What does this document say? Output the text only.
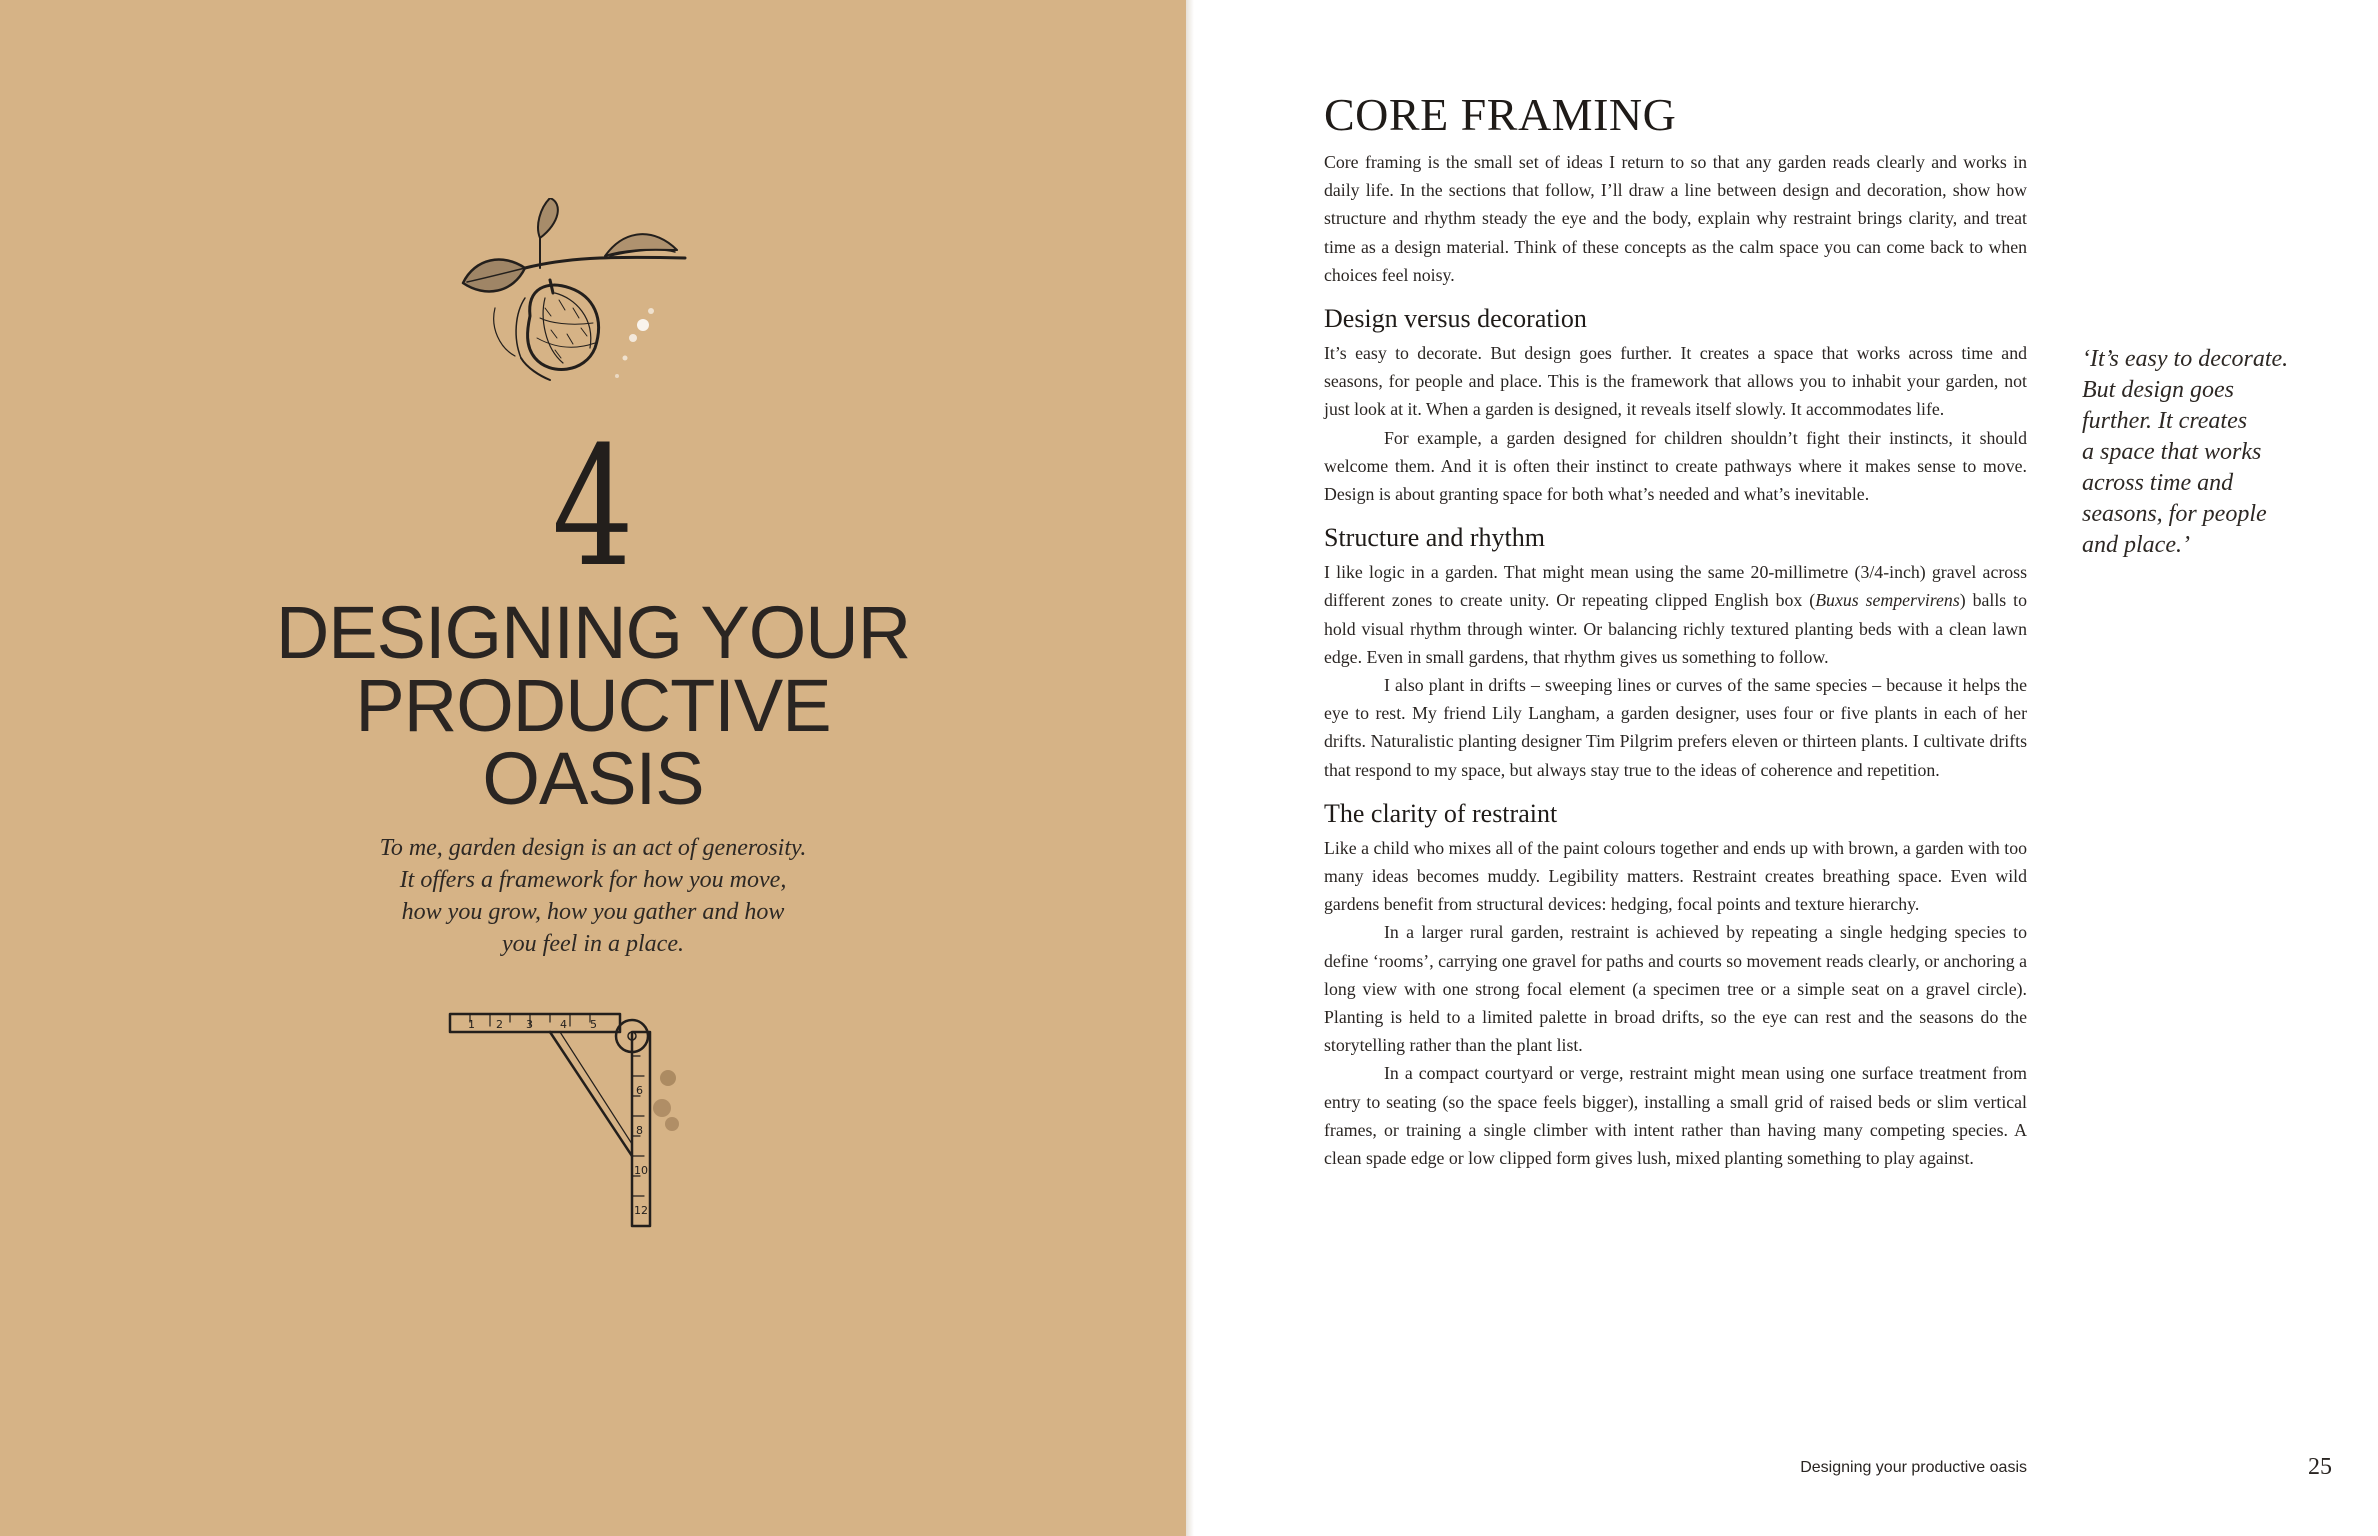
4
DESIGNING YOUR
PRODUCTIVE
OASIS
To me, garden design is an act of generosity.
It offers a framework for how you move,
how you grow, how you gather and how
you feel in a place.
1 2 3 4 5
6
8
10
12
CORE FRAMING

Core framing is the small set of ideas I return to so that any garden reads clearly and works in daily life. In the sections that follow, I’ll draw a line between design and decoration, show how structure and rhythm steady the eye and the body, explain why restraint brings clarity, and treat time as a design material. Think of these concepts as the calm space you can come back to when choices feel noisy.

Design versus decoration

It’s easy to decorate. But design goes further. It creates a space that works across time and seasons, for people and place. This is the framework that allows you to inhabit your garden, not just look at it. When a garden is designed, it reveals itself slowly. It accommodates life.

For example, a garden designed for children shouldn’t fight their instincts, it should welcome them. And it is often their instinct to create pathways where it makes sense to move. Design is about granting space for both what’s needed and what’s inevitable.

Structure and rhythm

I like logic in a garden. That might mean using the same 20-millimetre (3/4-inch) gravel across different zones to create unity. Or repeating clipped English box (Buxus sempervirens) balls to hold visual rhythm through winter. Or balancing richly textured planting beds with a clean lawn edge. Even in small gardens, that rhythm gives us something to follow.

I also plant in drifts – sweeping lines or curves of the same species – because it helps the eye to rest. My friend Lily Langham, a garden designer, uses four or five plants in each of her drifts. Naturalistic planting designer Tim Pilgrim prefers eleven or thirteen plants. I cultivate drifts that respond to my space, but always stay true to the ideas of coherence and repetition.

The clarity of restraint

Like a child who mixes all of the paint colours together and ends up with brown, a garden with too many ideas becomes muddy. Legibility matters. Restraint creates breathing space. Even wild gardens benefit from structural devices: hedging, focal points and texture hierarchy.

In a larger rural garden, restraint is achieved by repeating a single hedging species to define ‘rooms’, carrying one gravel for paths and courts so movement reads clearly, or anchoring a long view with one strong focal element (a specimen tree or a simple seat on a gravel circle). Planting is held to a limited palette in broad drifts, so the eye can rest and the seasons do the storytelling rather than the plant list.

In a compact courtyard or verge, restraint might mean using one surface treatment from entry to seating (so the space feels bigger), installing a small grid of raised beds or slim vertical frames, or training a single climber with intent rather than having many competing species. A clean spade edge or low clipped form gives lush, mixed planting something to play against.

‘It’s easy to decorate.
But design goes
further. It creates
a space that works
across time and
seasons, for people
and place.’
Designing your productive oasis	25
